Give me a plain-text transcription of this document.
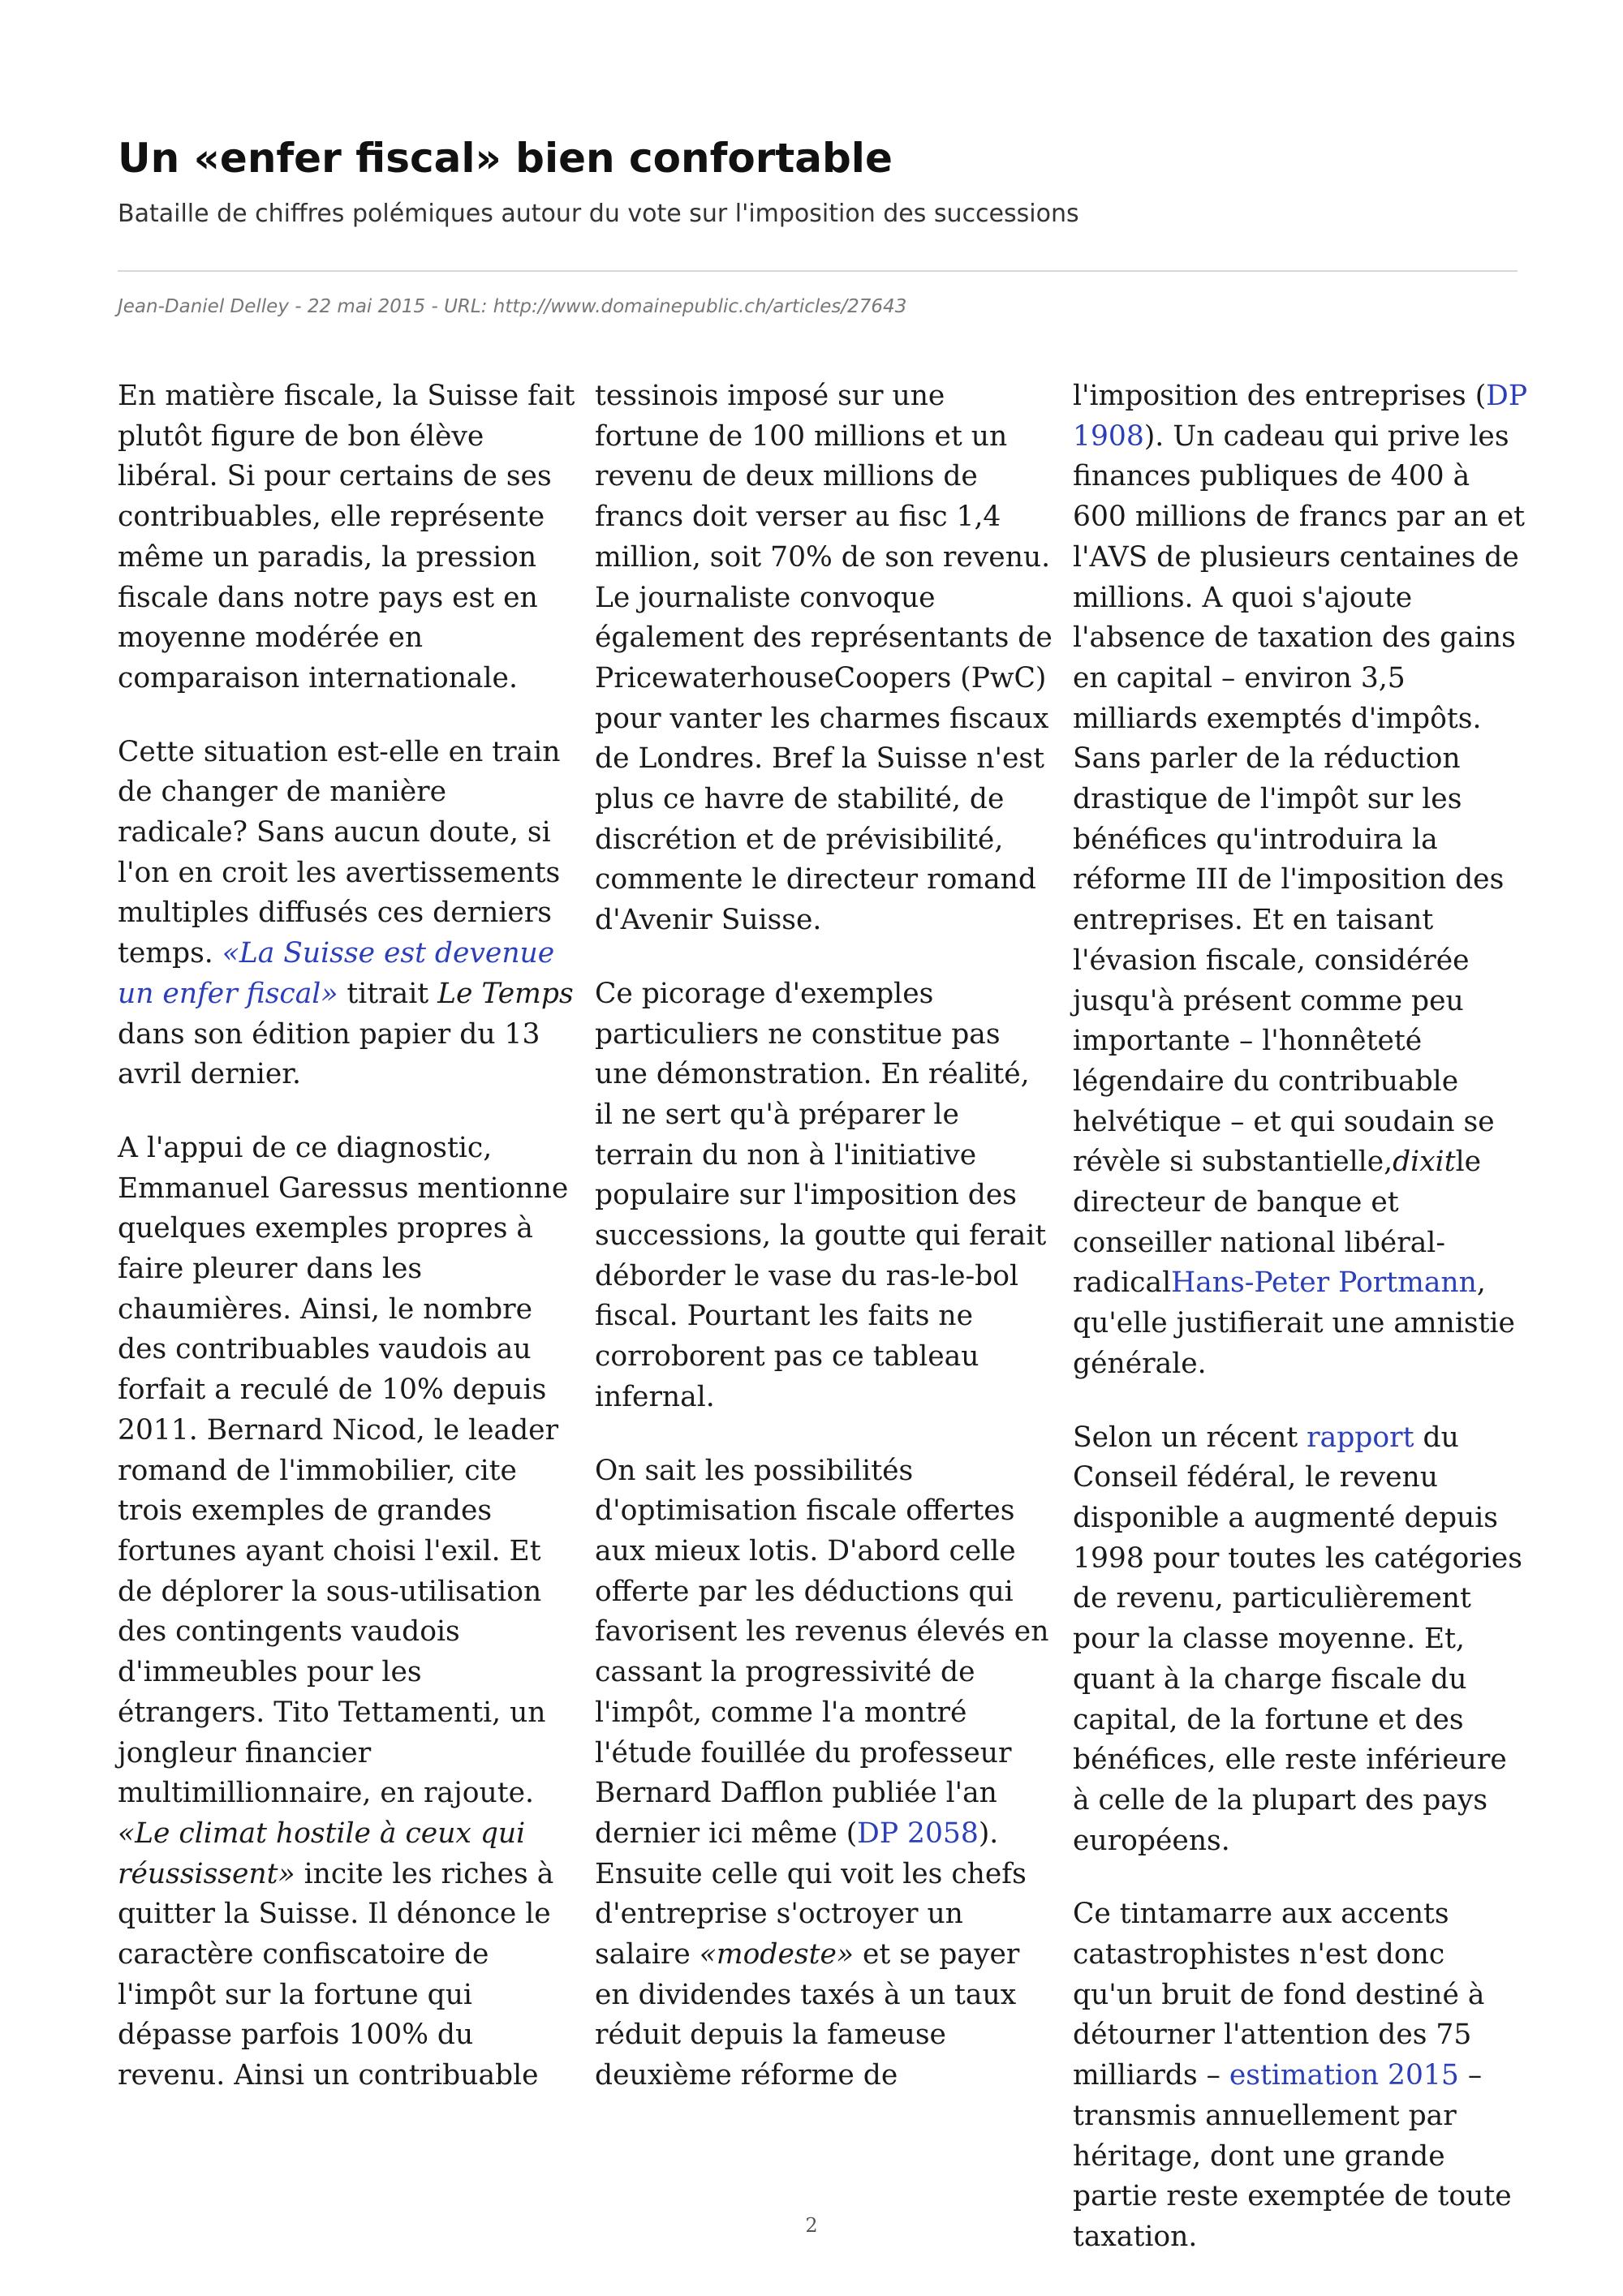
Un «enfer fiscal» bien confortable

Bataille de chiffres polémiques autour du vote sur l'imposition des successions

Jean-Daniel Delley - 22 mai 2015 - URL: http://www.domainepublic.ch/articles/27643

En matière fiscale, la Suisse fait plutôt figure de bon élève libéral. Si pour certains de ses contribuables, elle représente même un paradis, la pression fiscale dans notre pays est en moyenne modérée en comparaison internationale.

Cette situation est-elle en train de changer de manière radicale? Sans aucun doute, si l'on en croit les avertissements multiples diffusés ces derniers temps. «La Suisse est devenue un enfer fiscal» titrait Le Temps dans son édition papier du 13 avril dernier.

A l'appui de ce diagnostic, Emmanuel Garessus mentionne quelques exemples propres à faire pleurer dans les chaumières. Ainsi, le nombre des contribuables vaudois au forfait a reculé de 10% depuis 2011. Bernard Nicod, le leader romand de l'immobilier, cite trois exemples de grandes fortunes ayant choisi l'exil. Et de déplorer la sous-utilisation des contingents vaudois d'immeubles pour les étrangers. Tito Tettamenti, un jongleur financier multimillionnaire, en rajoute. «Le climat hostile à ceux qui réussissent» incite les riches à quitter la Suisse. Il dénonce le caractère confiscatoire de l'impôt sur la fortune qui dépasse parfois 100% du revenu. Ainsi un contribuable

tessinois imposé sur une fortune de 100 millions et un revenu de deux millions de francs doit verser au fisc 1,4 million, soit 70% de son revenu. Le journaliste convoque également des représentants de PricewaterhouseCoopers (PwC) pour vanter les charmes fiscaux de Londres. Bref la Suisse n'est plus ce havre de stabilité, de discrétion et de prévisibilité, commente le directeur romand d'Avenir Suisse.

Ce picorage d'exemples particuliers ne constitue pas une démonstration. En réalité, il ne sert qu'à préparer le terrain du non à l'initiative populaire sur l'imposition des successions, la goutte qui ferait déborder le vase du ras-le-bol fiscal. Pourtant les faits ne corroborent pas ce tableau infernal.

On sait les possibilités d'optimisation fiscale offertes aux mieux lotis. D'abord celle offerte par les déductions qui favorisent les revenus élevés en cassant la progressivité de l'impôt, comme l'a montré l'étude fouillée du professeur Bernard Dafflon publiée l'an dernier ici même (DP 2058). Ensuite celle qui voit les chefs d'entreprise s'octroyer un salaire «modeste» et se payer en dividendes taxés à un taux réduit depuis la fameuse deuxième réforme de

l'imposition des entreprises (DP 1908). Un cadeau qui prive les finances publiques de 400 à 600 millions de francs par an et l'AVS de plusieurs centaines de millions. A quoi s'ajoute l'absence de taxation des gains en capital – environ 3,5 milliards exemptés d'impôts. Sans parler de la réduction drastique de l'impôt sur les bénéfices qu'introduira la réforme III de l'imposition des entreprises. Et en taisant l'évasion fiscale, considérée jusqu'à présent comme peu importante – l'honnêteté légendaire du contribuable helvétique – et qui soudain se révèle si substantielle,dixitle directeur de banque et conseiller national libéral-radicalHans-Peter Portmann, qu'elle justifierait une amnistie générale.

Selon un récent rapport du Conseil fédéral, le revenu disponible a augmenté depuis 1998 pour toutes les catégories de revenu, particulièrement pour la classe moyenne. Et, quant à la charge fiscale du capital, de la fortune et des bénéfices, elle reste inférieure à celle de la plupart des pays européens.

Ce tintamarre aux accents catastrophistes n'est donc qu'un bruit de fond destiné à détourner l'attention des 75 milliards – estimation 2015 – transmis annuellement par héritage, dont une grande partie reste exemptée de toute taxation.

2
